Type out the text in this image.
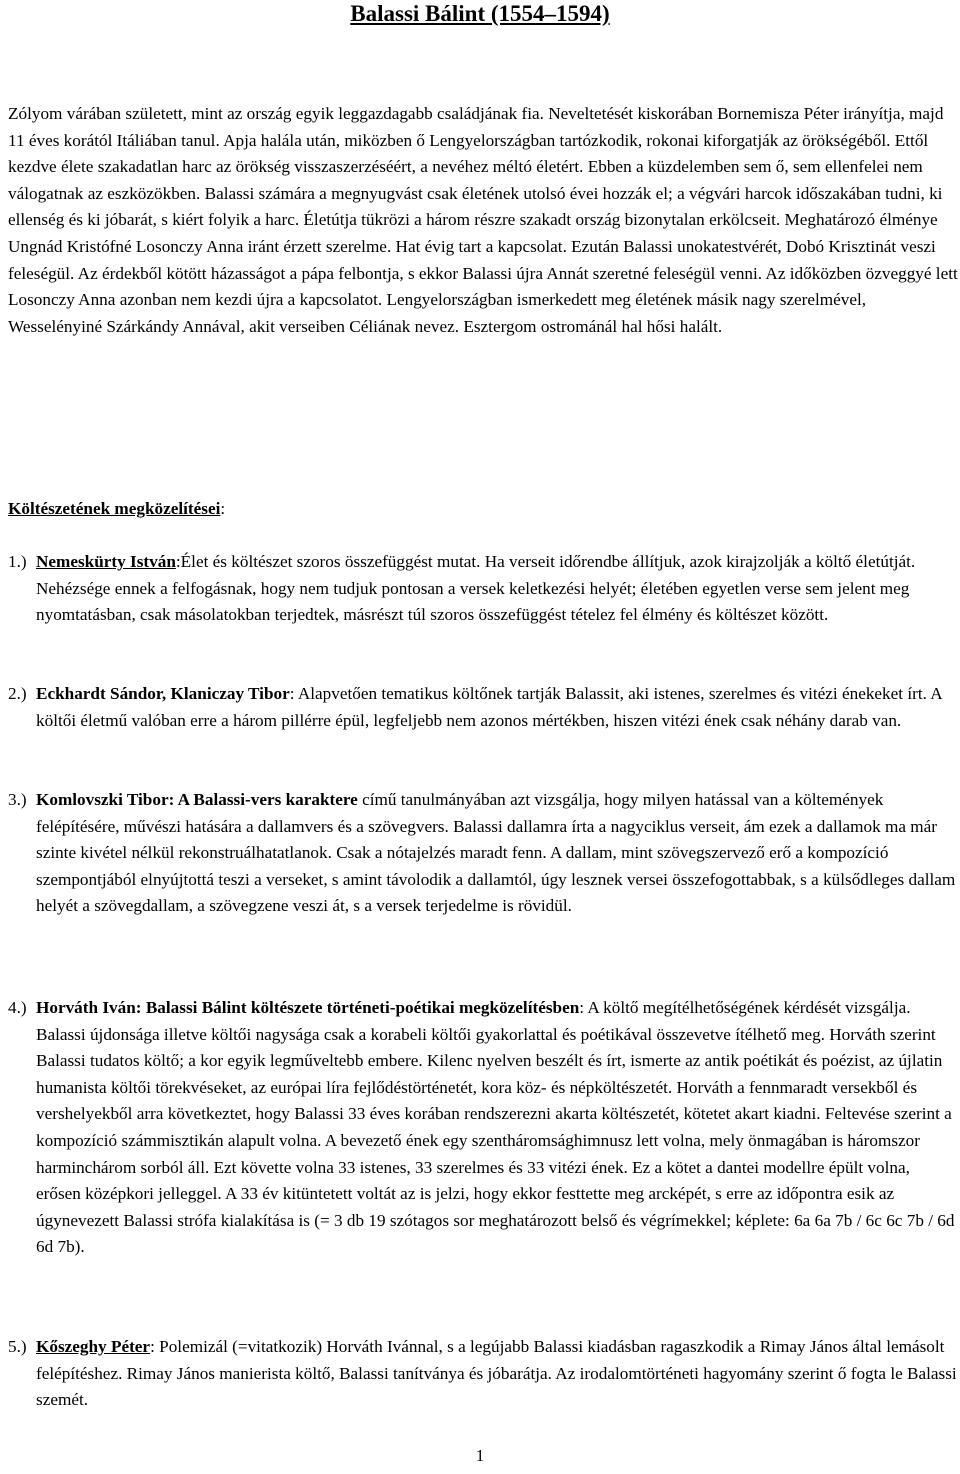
Balassi Bálint (1554–1594)

Zólyom várában született, mint az ország egyik leggazdagabb családjának fia. Neveltetését kiskorában Bornemisza Péter irányítja, majd 11 éves korától Itáliában tanul. Apja halála után, miközben ő Lengyelországban tartózkodik, rokonai kiforgatják az örökségéből. Ettől kezdve élete szakadatlan harc az örökség visszaszerzéséért, a nevéhez méltó életért. Ebben a küzdelemben sem ő, sem ellenfelei nem válogatnak az eszközökben. Balassi számára a megnyugvást csak életének utolsó évei hozzák el; a végvári harcok időszakában tudni, ki ellenség és ki jóbarát, s kiért folyik a harc. Életútja tükrözi a három részre szakadt ország bizonytalan erkölcseit. Meghatározó élménye Ungnád Kristófné Losonczy Anna iránt érzett szerelme. Hat évig tart a kapcsolat. Ezután Balassi unokatestvérét, Dobó Krisztinát veszi feleségül. Az érdekből kötött házasságot a pápa felbontja, s ekkor Balassi újra Annát szeretné feleségül venni. Az időközben özveggyé lett Losonczy Anna azonban nem kezdi újra a kapcsolatot. Lengyelországban ismerkedett meg életének másik nagy szerelmével, Wesselényiné Szárkándy Annával, akit verseiben Céliának nevez. Esztergom ostrománál hal hősi halált.

Költészetének megközelítései:

1.) Nemeskürty István:Élet és költészet szoros összefüggést mutat. Ha verseit időrendbe állítjuk, azok kirajzolják a költő életútját. Nehézsége ennek a felfogásnak, hogy nem tudjuk pontosan a versek keletkezési helyét; életében egyetlen verse sem jelent meg nyomtatásban, csak másolatokban terjedtek, másrészt túl szoros összefüggést tételez fel élmény és költészet között.
2.) Eckhardt Sándor, Klaniczay Tibor: Alapvetően tematikus költőnek tartják Balassit, aki istenes, szerelmes és vitézi énekeket írt. A költői életmű valóban erre a három pillérre épül, legfeljebb nem azonos mértékben, hiszen vitézi ének csak néhány darab van.
3.) Komlovszki Tibor: A Balassi-vers karaktere című tanulmányában azt vizsgálja, hogy milyen hatással van a költemények felépítésére, művészi hatására a dallamvers és a szövegvers. Balassi dallamra írta a nagyciklus verseit, ám ezek a dallamok ma már szinte kivétel nélkül rekonstruálhatatlanok. Csak a nótajelzés maradt fenn. A dallam, mint szövegszervező erő a kompozíció szempontjából elnyújtottá teszi a verseket, s amint távolodik a dallamtól, úgy lesznek versei összefogottabbak, s a külsődleges dallam helyét a szövegdallam, a szövegzene veszi át, s a versek terjedelme is rövidül.
4.) Horváth Iván: Balassi Bálint költészete történeti-poétikai megközelítésben: A költő megítélhetőségének kérdését vizsgálja. Balassi újdonsága illetve költői nagysága csak a korabeli költői gyakorlattal és poétikával összevetve ítélhető meg. Horváth szerint Balassi tudatos költő; a kor egyik legműveltebb embere. Kilenc nyelven beszélt és írt, ismerte az antik poétikát és poézist, az újlatin humanista költői törekvéseket, az európai líra fejlődéstörténetét, kora köz- és népköltészetét. Horváth a fennmaradt versekből és vershelyekből arra következtet, hogy Balassi 33 éves korában rendszerezni akarta költészetét, kötetet akart kiadni. Feltevése szerint a kompozíció számmisztikán alapult volna. A bevezető ének egy szentháromsághimnusz lett volna, mely önmagában is háromszor harminchárom sorból áll. Ezt követte volna 33 istenes, 33 szerelmes és 33 vitézi ének. Ez a kötet a dantei modellre épült volna, erősen középkori jelleggel. A 33 év kitüntetett voltát az is jelzi, hogy ekkor festtette meg arcképét, s erre az időpontra esik az úgynevezett Balassi strófa kialakítása is (= 3 db 19 szótagos sor meghatározott belső és végrímekkel; képlete: 6a 6a 7b / 6c 6c 7b / 6d 6d 7b).
5.) Kőszeghy Péter: Polemizál (=vitatkozik) Horváth Ivánnal, s a legújabb Balassi kiadásban ragaszkodik a Rimay János által lemásolt felépítéshez. Rimay János manierista költő, Balassi tanítványa és jóbarátja. Az irodalomtörténeti hagyomány szerint ő fogta le Balassi szemét.
1
